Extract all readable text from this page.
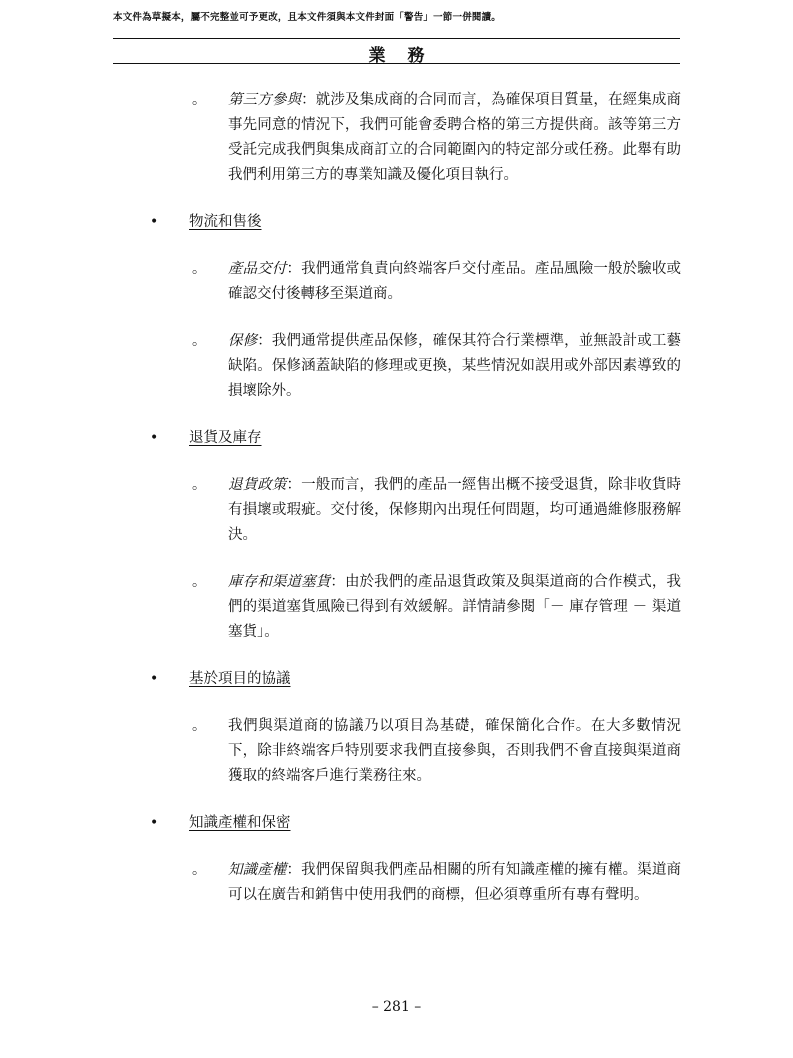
本文件為草擬本，屬不完整並可予更改，且本文件須與本文件封面「警告」一節一併閱讀。
業務
。 第三方參與：就涉及集成商的合同而言，為確保項目質量，在經集成商事先同意的情況下，我們可能會委聘合格的第三方提供商。該等第三方受託完成我們與集成商訂立的合同範圍內的特定部分或任務。此舉有助我們利用第三方的專業知識及優化項目執行。
• 物流和售後
。 產品交付：我們通常負責向終端客戶交付產品。產品風險一般於驗收或確認交付後轉移至渠道商。
。 保修：我們通常提供產品保修，確保其符合行業標準，並無設計或工藝缺陷。保修涵蓋缺陷的修理或更換，某些情況如誤用或外部因素導致的損壞除外。
• 退貨及庫存
。 退貨政策：一般而言，我們的產品一經售出概不接受退貨，除非收貨時有損壞或瑕疵。交付後，保修期內出現任何問題，均可通過維修服務解決。
。 庫存和渠道塞貨：由於我們的產品退貨政策及與渠道商的合作模式，我們的渠道塞貨風險已得到有效緩解。詳情請參閱「－ 庫存管理 － 渠道塞貨」。
• 基於項目的協議
。 我們與渠道商的協議乃以項目為基礎，確保簡化合作。在大多數情況下，除非終端客戶特別要求我們直接參與，否則我們不會直接與渠道商獲取的終端客戶進行業務往來。
• 知識產權和保密
。 知識產權：我們保留與我們產品相關的所有知識產權的擁有權。渠道商可以在廣告和銷售中使用我們的商標，但必須尊重所有專有聲明。
– 281 –
